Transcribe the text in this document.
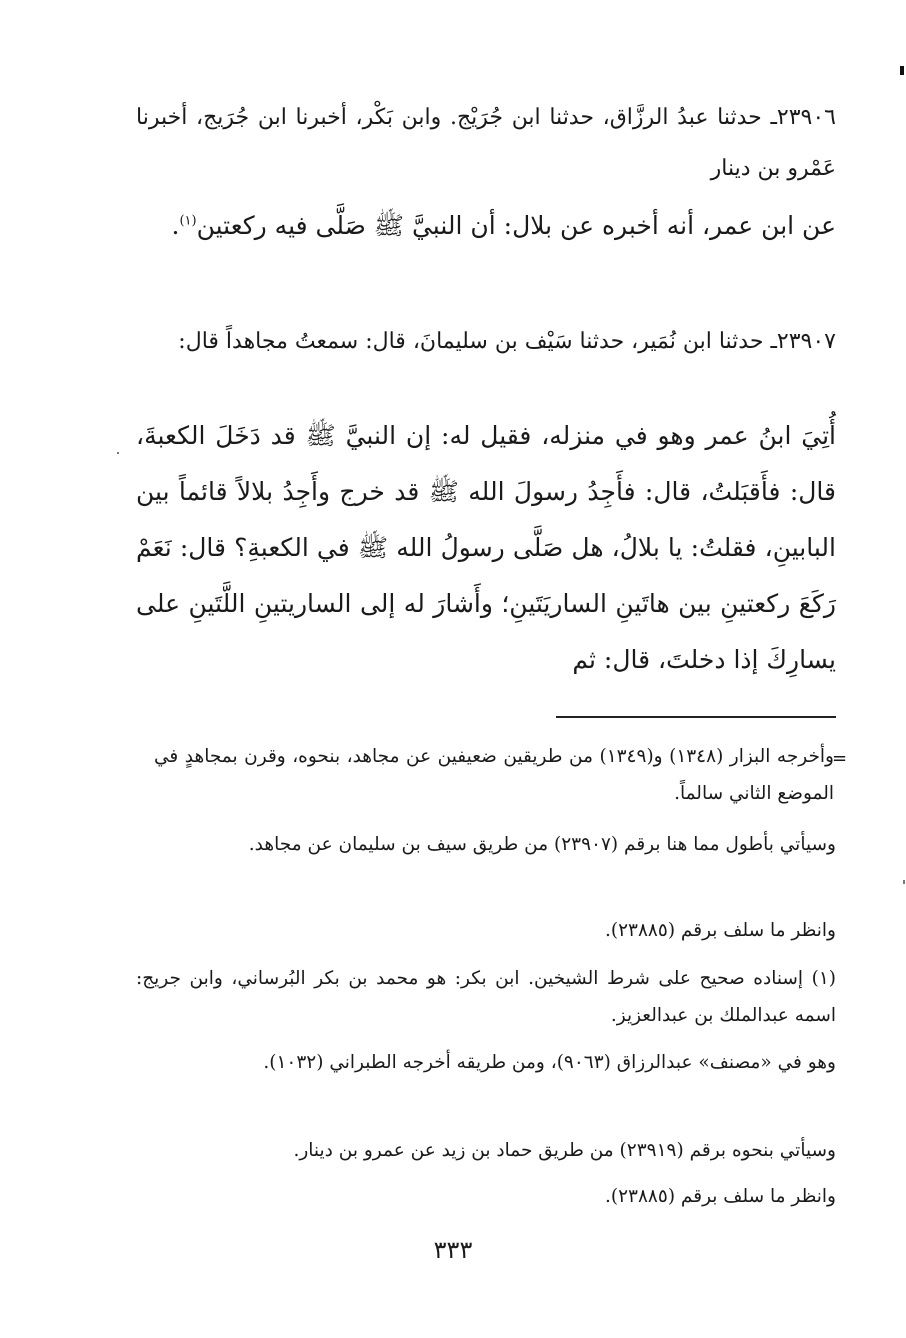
٢٣٩٠٦ـ حدثنا عبدُ الرزَّاق، حدثنا ابن جُرَيْج. وابن بَكْر، أخبرنا ابن جُرَيج، أخبرنا عَمْرو بن دينار
عن ابن عمر، أنه أخبره عن بلال: أن النبيَّ ﷺ صَلَّى فيه ركعتين$^{(١)}$.
٢٣٩٠٧ـ حدثنا ابن نُمَير، حدثنا سَيْف بن سليمانَ، قال: سمعتُ مجاهداً قال:
أُتِيَ ابنُ عمر وهو في منزله، فقيل له: إن النبيَّ ﷺ قد دَخَلَ الكعبةَ، قال: فأَقبَلتُ، قال: فأَجِدُ رسولَ الله ﷺ قد خرج وأَجِدُ بلالاً قائماً بين البابينِ، فقلتُ: يا بلالُ، هل صَلَّى رسولُ الله ﷺ في الكعبةِ؟ قال: نَعَمْ رَكَعَ ركعتينِ بين هاتَينِ الساريَتَينِ؛ وأَشارَ له إلى الساريتينِ اللَّتَينِ على يسارِكَ إذا دخلتَ، قال: ثم
=
وأخرجه البزار (١٣٤٨) و(١٣٤٩) من طريقين ضعيفين عن مجاهد، بنحوه، وقرن بمجاهدٍ في الموضع الثاني سالماً.
وسيأتي بأطول مما هنا برقم (٢٣٩٠٧) من طريق سيف بن سليمان عن مجاهد.
وانظر ما سلف برقم (٢٣٨٨٥).
(١) إسناده صحيح على شرط الشيخين. ابن بكر: هو محمد بن بكر البُرساني، وابن جريج: اسمه عبدالملك بن عبدالعزيز.
وهو في «مصنف» عبدالرزاق (٩٠٦٣)، ومن طريقه أخرجه الطبراني (١٠٣٢).
وسيأتي بنحوه برقم (٢٣٩١٩) من طريق حماد بن زيد عن عمرو بن دينار.
وانظر ما سلف برقم (٢٣٨٨٥).
٣٣٣
